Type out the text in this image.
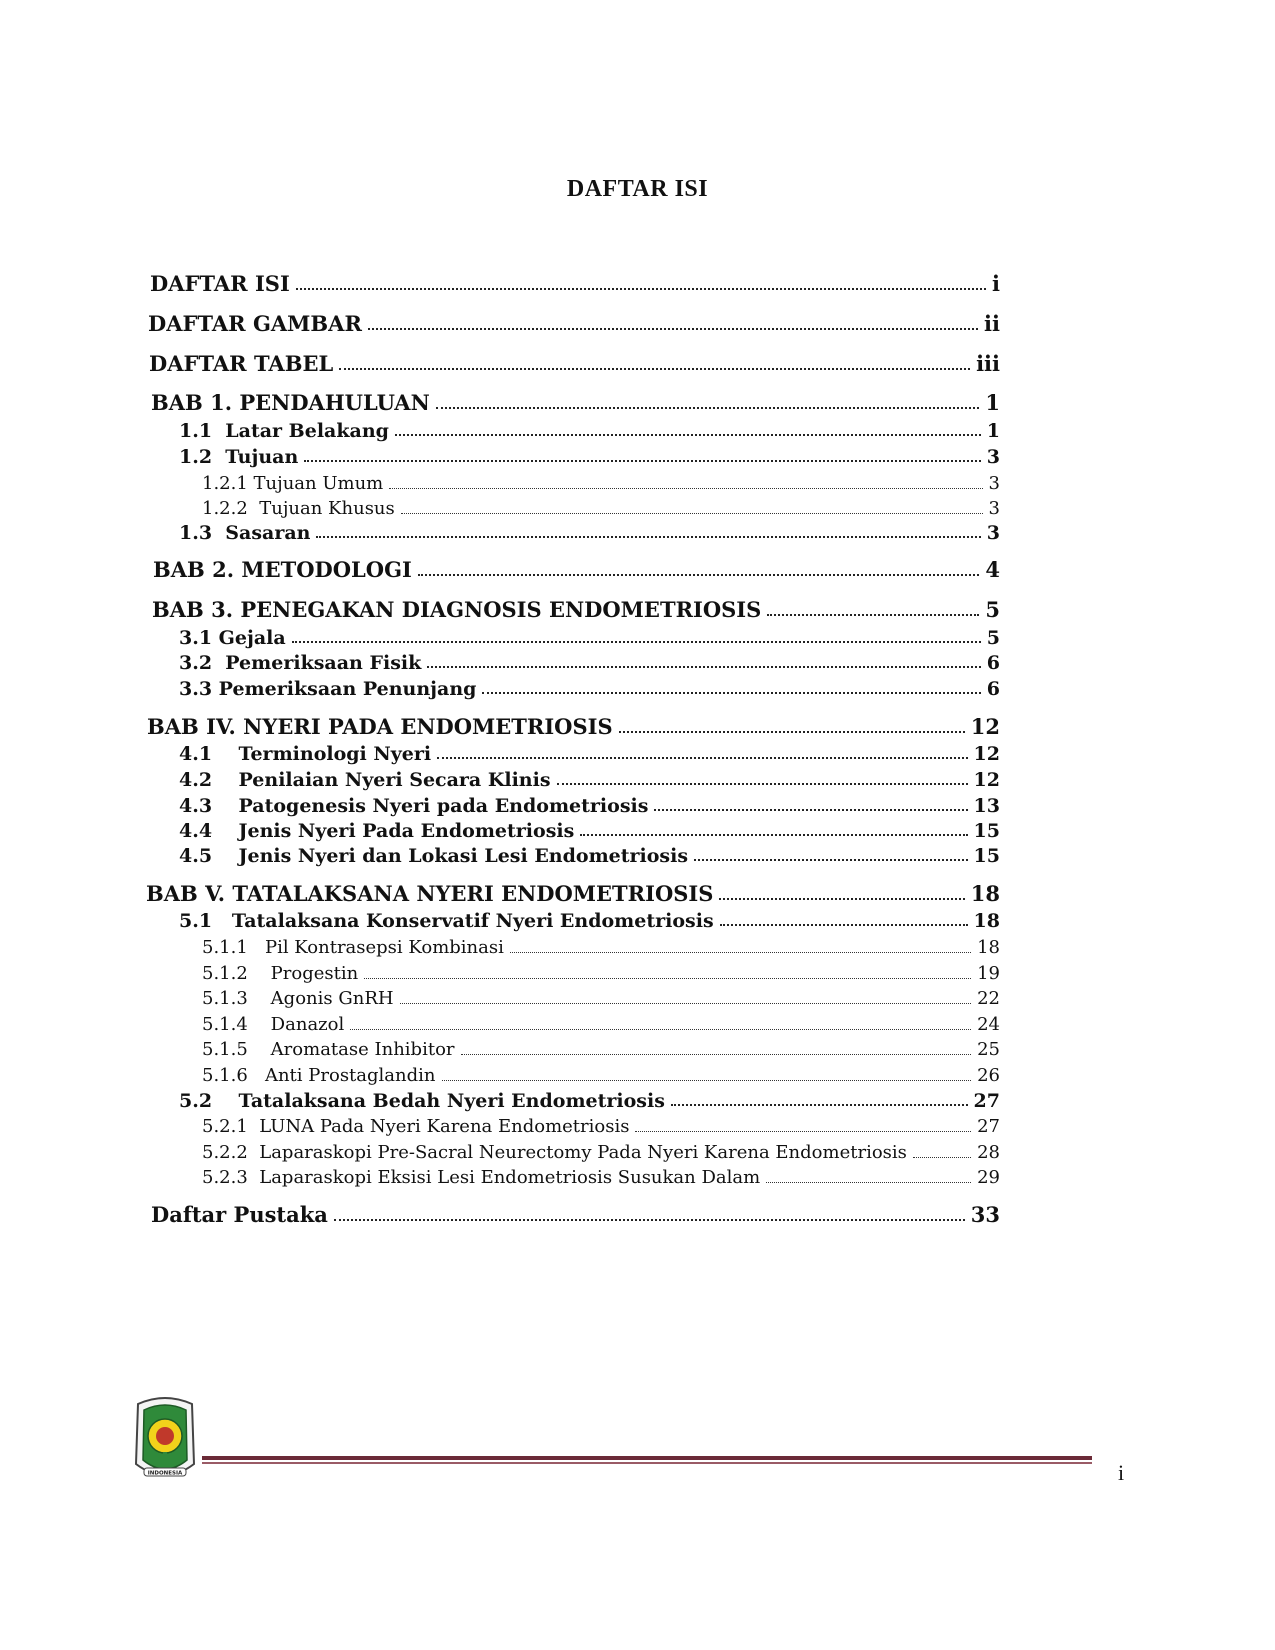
DAFTAR ISI
DAFTAR ISI	i
DAFTAR GAMBAR	ii
DAFTAR TABEL	iii
BAB 1. PENDAHULUAN	1
1.1  Latar Belakang	1
1.2  Tujuan	3
1.2.1 Tujuan Umum	3
1.2.2  Tujuan Khusus	3
1.3  Sasaran	3
BAB 2. METODOLOGI	4
BAB 3. PENEGAKAN DIAGNOSIS ENDOMETRIOSIS	5
3.1 Gejala	5
3.2  Pemeriksaan Fisik	6
3.3 Pemeriksaan Penunjang	6
BAB IV. NYERI PADA ENDOMETRIOSIS	12
4.1    Terminologi Nyeri	12
4.2    Penilaian Nyeri Secara Klinis	12
4.3    Patogenesis Nyeri pada Endometriosis	13
4.4    Jenis Nyeri Pada Endometriosis	15
4.5    Jenis Nyeri dan Lokasi Lesi Endometriosis	15
BAB V. TATALAKSANA NYERI ENDOMETRIOSIS	18
5.1   Tatalaksana Konservatif Nyeri Endometriosis	18
5.1.1   Pil Kontrasepsi Kombinasi	18
5.1.2    Progestin	19
5.1.3    Agonis GnRH	22
5.1.4    Danazol	24
5.1.5    Aromatase Inhibitor	25
5.1.6   Anti Prostaglandin	26
5.2    Tatalaksana Bedah Nyeri Endometriosis	27
5.2.1  LUNA Pada Nyeri Karena Endometriosis	27
5.2.2  Laparaskopi Pre-Sacral Neurectomy Pada Nyeri Karena Endometriosis	28
5.2.3  Laparaskopi Eksisi Lesi Endometriosis Susukan Dalam	29
Daftar Pustaka	33
INDONESIA	i
